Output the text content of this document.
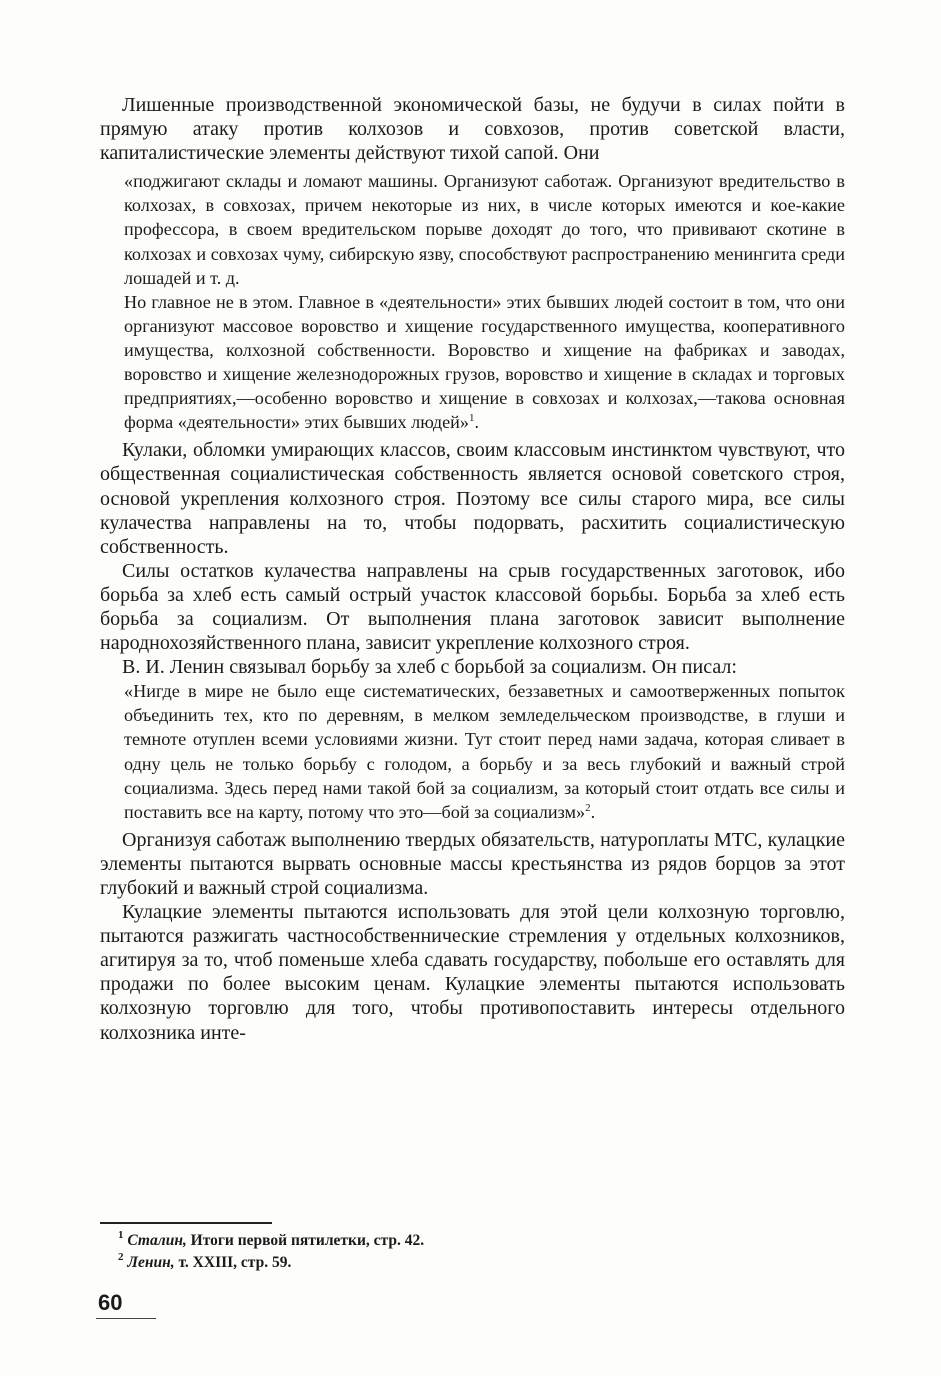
Лишенные производственной экономической базы, не будучи в силах пойти в прямую атаку против колхозов и совхозов, против советской власти, капиталистические элементы действуют тихой сапой. Они

«поджигают склады и ломают машины. Организуют саботаж. Организуют вредительство в колхозах, в совхозах, причем некоторые из них, в числе которых имеются и кое-какие профессора, в своем вредительском порыве доходят до того, что прививают скотине в колхозах и совхозах чуму, сибирскую язву, способствуют распространению менингита среди лошадей и т. д.

Но главное не в этом. Главное в «деятельности» этих бывших людей состоит в том, что они организуют массовое воровство и хищение государственного имущества, кооперативного имущества, колхозной собственности. Воровство и хищение на фабриках и заводах, воровство и хищение железнодорожных грузов, воровство и хищение в складах и торговых предприятиях,—особенно воровство и хищение в совхозах и колхозах,—такова основная форма «деятельности» этих бывших людей»$^1$.

Кулаки, обломки умирающих классов, своим классовым инстинктом чувствуют, что общественная социалистическая собственность является основой советского строя, основой укрепления колхозного строя. Поэтому все силы старого мира, все силы кулачества направлены на то, чтобы подорвать, расхитить социалистическую собственность.

Силы остатков кулачества направлены на срыв государственных заготовок, ибо борьба за хлеб есть самый острый участок классовой борьбы. Борьба за хлеб есть борьба за социализм. От выполнения плана заготовок зависит выполнение народнохозяйственного плана, зависит укрепление колхозного строя.

В. И. Ленин связывал борьбу за хлеб с борьбой за социализм. Он писал:

«Нигде в мире не было еще систематических, беззаветных и самоотверженных попыток объединить тех, кто по деревням, в мелком земледельческом производстве, в глуши и темноте отуплен всеми условиями жизни. Тут стоит перед нами задача, которая сливает в одну цель не только борьбу с голодом, а борьбу и за весь глубокий и важный строй социализма. Здесь перед нами такой бой за социализм, за который стоит отдать все силы и поставить все на карту, потому что это—бой за социализм»$^2$.

Организуя саботаж выполнению твердых обязательств, натуроплаты МТС, кулацкие элементы пытаются вырвать основные массы крестьянства из рядов борцов за этот глубокий и важный строй социализма.

Кулацкие элементы пытаются использовать для этой цели колхозную торговлю, пытаются разжигать частнособственнические стремления у отдельных колхозников, агитируя за то, чтоб поменьше хлеба сдавать государству, побольше его оставлять для продажи по более высоким ценам. Кулацкие элементы пытаются использовать колхозную торговлю для того, чтобы противопоставить интересы отдельного колхозника инте-

$^1$ Сталин, Итоги первой пятилетки, стр. 42.

$^2$ Ленин, т. XXIII, стр. 59.

60
